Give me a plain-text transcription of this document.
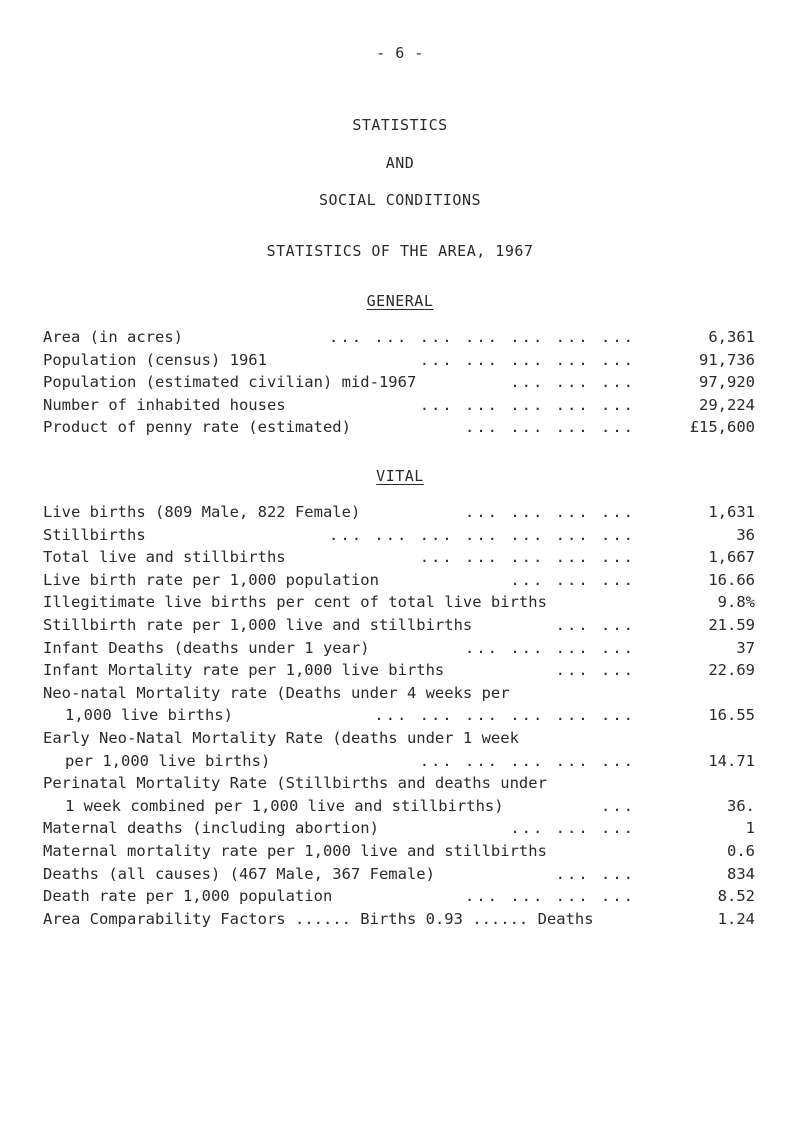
- 6 -
STATISTICS
AND
SOCIAL CONDITIONS
STATISTICS OF THE AREA, 1967
GENERAL
Area (in acres)	... ... ... ... ... ... ...	6,361
Population (census) 1961	... ... ... ... ...	91,736
Population (estimated civilian) mid-1967	... ... ...	97,920
Number of inhabited houses	... ... ... ... ...	29,224
Product of penny rate (estimated)	... ... ... ...	£15,600
VITAL
Live births (809 Male, 822 Female)	... ... ... ...	1,631
Stillbirths	... ... ... ... ... ... ...	36
Total live and stillbirths	... ... ... ... ...	1,667
Live birth rate per 1,000 population	... ... ...	16.66
Illegitimate live births per cent of total live births	9.8%
Stillbirth rate per 1,000 live and stillbirths	... ...	21.59
Infant Deaths (deaths under 1 year)	... ... ... ...	37
Infant Mortality rate per 1,000 live births	... ...	22.69
Neo-natal Mortality rate (Deaths under 4 weeks per
1,000 live births)	... ... ... ... ... ...	16.55
Early Neo-Natal Mortality Rate (deaths under 1 week
per 1,000 live births)	... ... ... ... ...	14.71
Perinatal Mortality Rate (Stillbirths and deaths under
1 week combined per 1,000 live and stillbirths)	...	36.
Maternal deaths (including abortion)	... ... ...	1
Maternal mortality rate per 1,000 live and stillbirths	0.6
Deaths (all causes) (467 Male, 367 Female)	... ...	834
Death rate per 1,000 population	... ... ... ...	8.52
Area Comparability Factors ...... Births 0.93 ...... Deaths	1.24
